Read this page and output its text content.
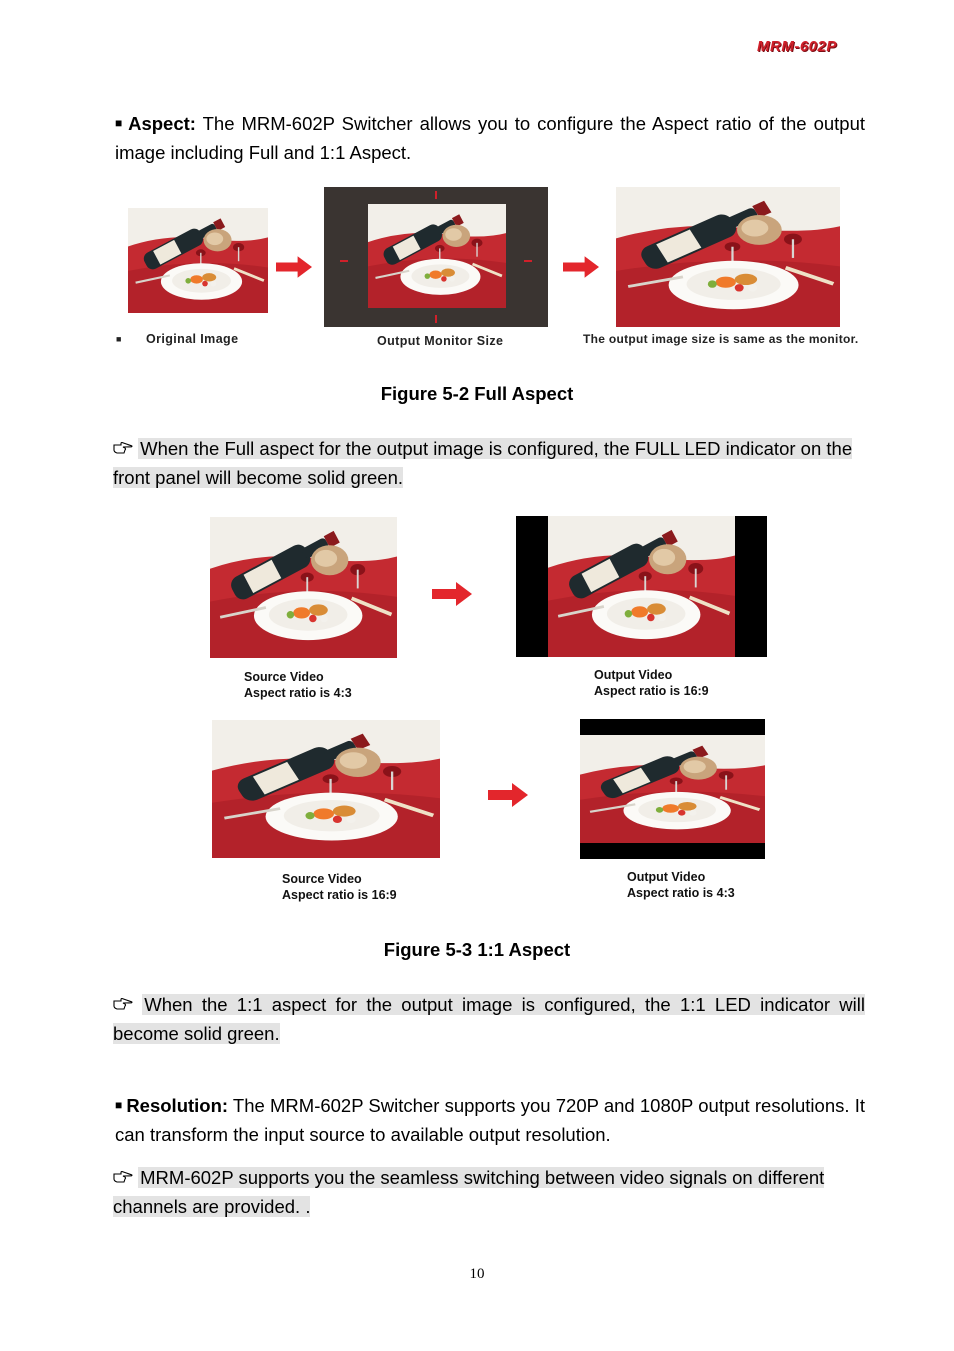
MRM-602P
■ Aspect: The MRM-602P Switcher allows you to configure the Aspect ratio of the output image including Full and 1:1 Aspect.
■ Original Image	Output Monitor Size	The output image size is same as the monitor.
Figure 5-2 Full Aspect
When the Full aspect for the output image is configured, the FULL LED indicator on the front panel will become solid green.
Source Video
Aspect ratio is 4:3
Output Video
Aspect ratio is 16:9
Source Video
Aspect ratio is 16:9
Output Video
Aspect ratio is 4:3
Figure 5-3 1:1 Aspect
When the 1:1 aspect for the output image is configured, the 1:1 LED indicator will become solid green.
■ Resolution: The MRM-602P Switcher supports you 720P and 1080P output resolutions. It can transform the input source to available output resolution.
MRM-602P supports you the seamless switching between video signals on different channels are provided. .
10
